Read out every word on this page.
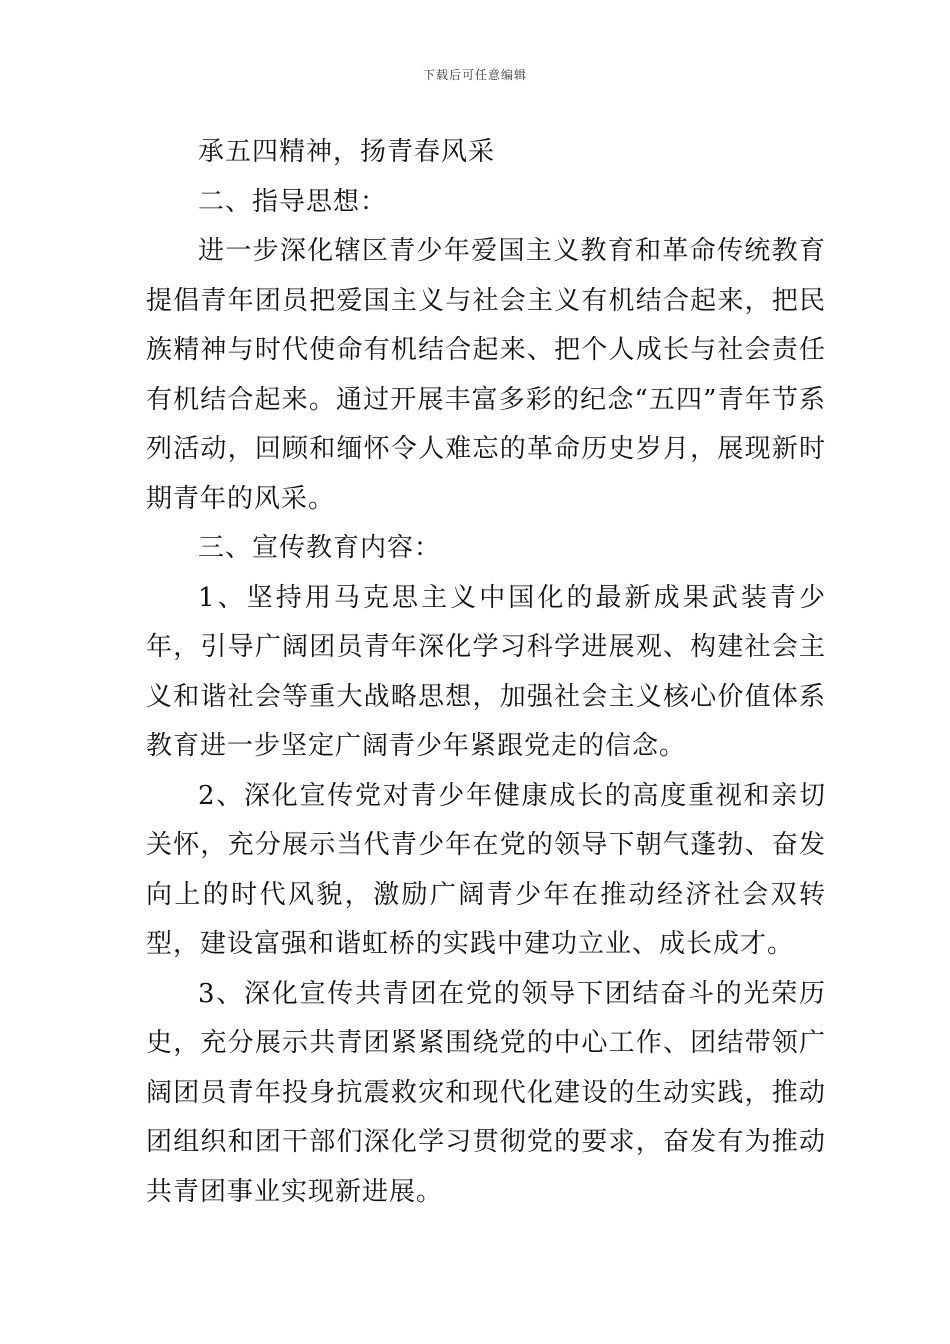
下载后可任意编辑

承五四精神，扬青春风采

二、指导思想：

进一步深化辖区青少年爱国主义教育和革命传统教育提倡青年团员把爱国主义与社会主义有机结合起来，把民族精神与时代使命有机结合起来、把个人成长与社会责任有机结合起来。通过开展丰富多彩的纪念“五四”青年节系列活动，回顾和缅怀令人难忘的革命历史岁月，展现新时期青年的风采。

三、宣传教育内容：

1、坚持用马克思主义中国化的最新成果武装青少年，引导广阔团员青年深化学习科学进展观、构建社会主义和谐社会等重大战略思想，加强社会主义核心价值体系教育进一步坚定广阔青少年紧跟党走的信念。

2、深化宣传党对青少年健康成长的高度重视和亲切关怀，充分展示当代青少年在党的领导下朝气蓬勃、奋发向上的时代风貌，激励广阔青少年在推动经济社会双转型，建设富强和谐虹桥的实践中建功立业、成长成才。

3、深化宣传共青团在党的领导下团结奋斗的光荣历史，充分展示共青团紧紧围绕党的中心工作、团结带领广阔团员青年投身抗震救灾和现代化建设的生动实践，推动团组织和团干部们深化学习贯彻党的要求，奋发有为推动共青团事业实现新进展。
